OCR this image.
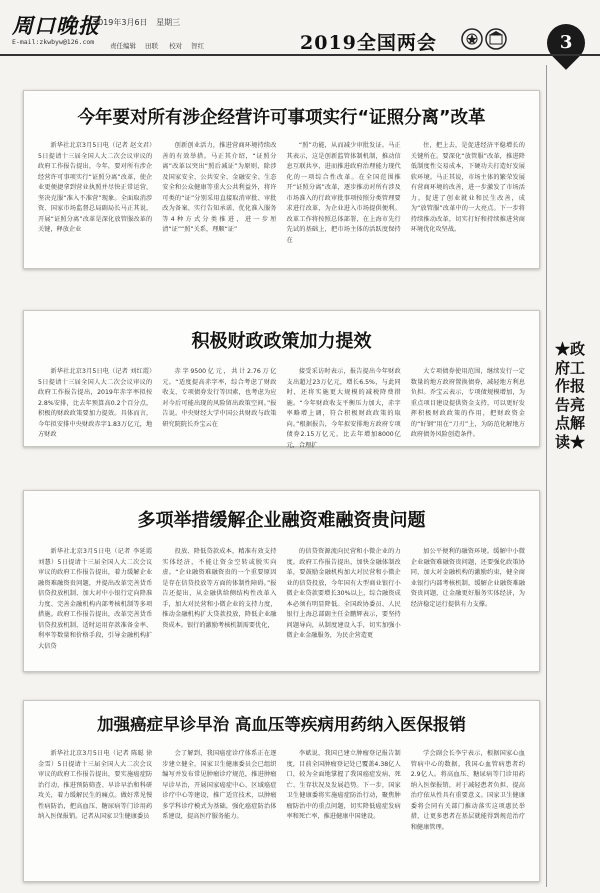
周口晚报
2019年3月6日 星期三
E-mail:zkwbyw@126.com 责任编辑 田联 校对 智红	2019全国两会	3
★政府工作报告亮点解读★
今年要对所有涉企经营许可事项实行“证照分离”改革

新华社北京3月5日电（记者 赵文君）5日提请十三届全国人大二次会议审议的政府工作报告提出，今年，要对所有涉企经营许可事项实行“证照分离”改革，使企业更便捷拿到营业执照并尽快正常运营，坚决克服“准入不准营”现象。全面取消涉资、国家市场监督总局副局长马正其说，开展“证照分离”改革是深化放管服改革的关键，释放企业

创新创业活力，推进营商环境持续改善的有效举措。马正其介绍，“证照分离”改革以突出“照后减证”为原则，除涉及国家安全、公共安全、金融安全、生态安全和公众健康等重大公共利益外，将许可类的“证”分别采用直接取消审批、审批改为备案、实行告知承诺、优化准入服务等4种方式分类推进，进一步厘清“证”“照”关系，理顺“证”

“照”功能，从而减少审批发证。马正其表示，这是创新监管体制机制，推动信息互联共享，进而推进政府治理能力现代化的一项综合性改革。在全国范围推开“证照分离”改革，逐步推动对所有涉及市场准入的行政审批事项按照分类管理要求进行改革，为企业进入市场提供便利。改革工作将按照总体部署，在上海市先行先试的基础上，把市场主体的活跃度保持在

住，把上去，是促进经济平稳增长的关键所在。要深化“放管服”改革，推进降低制度性交易成本，下硬功夫打造好发展软环境。马正其说，市场主体的繁荣发展有营商环境的改善，进一步激发了市场活力，促进了创业就业和民生改善，成为“放管服”改革中的一大亮点。下一步将持续推动改革，切实打好和持续推进营商环境优化攻坚战。

积极财政政策加力提效

新华社北京3月5日电（记者 刘红霞）5日提请十三届全国人大二次会议审议的政府工作报告提出，2019年赤字率拟按2.8%安排，比去年预算高0.2个百分点，积极的财政政策要加力提效。具体而言，今年拟安排中央财政赤字1.83万亿元，地方财政

赤字9500亿元，共计2.76万亿元。“适度提高赤字率，综合考虑了财政收支、专项债券发行等因素，也考虑为应对今后可能出现的风险留出政策空间。”报告说。中央财经大学中国公共财政与政策研究院院长乔宝云在

接受采访时表示，报告提出今年财政支出超过23万亿元，增长6.5%，与此同时，还将实施更大规模的减税降费措施。“今年财政收支平衡压力加大，赤字率略增上调，符合积极财政政策的取向。”根据报告，今年拟安排地方政府专项债券2.15万亿元，比去年增加8000亿元，合理扩

大专项债券使用范围，继续发行一定数量的地方政府置换债券，减轻地方利息负担。乔宝云表示，专项债规模增加，为重点项目建设提供资金支持，可以更好发挥积极财政政策的作用，把财政资金的“好钢”用在“刀刃”上，为防范化解地方政府债务风险创造条件。

多项举措缓解企业融资难融资贵问题

新华社北京3月5日电（记者 李延霞 刘慧）5日提请十三届全国人大二次会议审议的政府工作报告提出，着力缓解企业融资难融资贵问题，并提出改革完善货币信贷投放机制、加大对中小银行定向降准力度、完善金融机构内部考核机制等多项措施。政府工作报告提出，改革完善货币信贷投放机制，适时运用存款准备金率、利率等数量和价格手段，引导金融机构扩大信贷

投放、降低贷款成本，精准有效支持实体经济，不能让资金空转或脱实向虚。“企业融资难融资贵的一个重要原因是存在信贷投放等方面的体制性障碍。”报告还提出，从金融供给侧结构性改革入手，加大对民营和小微企业的支持力度，推动金融机构扩大贷款投放，降低企业融资成本。银行的激励考核机制需要优化，

的信贷资源流向民营和小微企业的力度。政府工作报告提出，加快金融体制改革，要鼓励金融机构加大对民营和小微企业的信贷投放，今年国有大型商业银行小微企业贷款要增长30%以上，综合融资成本必须有明显降低。全国政协委员、人民银行上海总部副主任金鹏辉表示，要坚持问题导向，从制度建设入手，切实加强小微企业金融服务，为民企营造更

加公平便利的融资环境。缓解中小微企业融资难融资贵问题，还要强化政策协同，加大对金融机构的激励约束，健全商业银行内部考核机制，缓解企业融资难融资贵问题，让金融更好服务实体经济，为经济稳定运行提供有力支撑。

加强癌症早诊早治 高血压等疾病用药纳入医保报销

新华社北京3月5日电（记者 陈聪 徐金雪）5日提请十三届全国人大二次会议审议的政府工作报告提出，要实施癌症防治行动，推进预防筛查、早诊早治和科研攻关，着力缓解民生的痛点。做好常见慢性病防治，把高血压、糖尿病等门诊用药纳入医保报销。记者从国家卫生健康委员

会了解到，我国癌症诊疗体系正在逐步建立健全，国家卫生健康委员会已组织编写并发布常见肿瘤诊疗规范，推进肿瘤早诊早治，开展国家癌症中心、区域癌症诊疗中心等建设，推广适宜技术，以肿瘤多学科诊疗模式为基础，强化癌症防治体系建设，提高医疗服务能力。

李斌说，我国已建立肿瘤登记报告制度，目前全国肿瘤登记处已覆盖4.38亿人口，较为全面地掌握了我国癌症发病、死亡、生存状况及发展趋势。下一步，国家卫生健康委将实施癌症防治行动，聚焦肿瘤防治中的重点问题，切实降低癌症发病率和死亡率，推进健康中国建设。

学会副会长李宁表示，根据国家心血管病中心的数据，我国心血管病患者约2.9亿人。将高血压、糖尿病等门诊用药纳入医保报销，对于减轻患者负担、提高治疗依从性具有重要意义。国家卫生健康委将会同有关部门推动落实这项惠民举措，让更多患者在基层就能得到规范治疗和健康管理。
